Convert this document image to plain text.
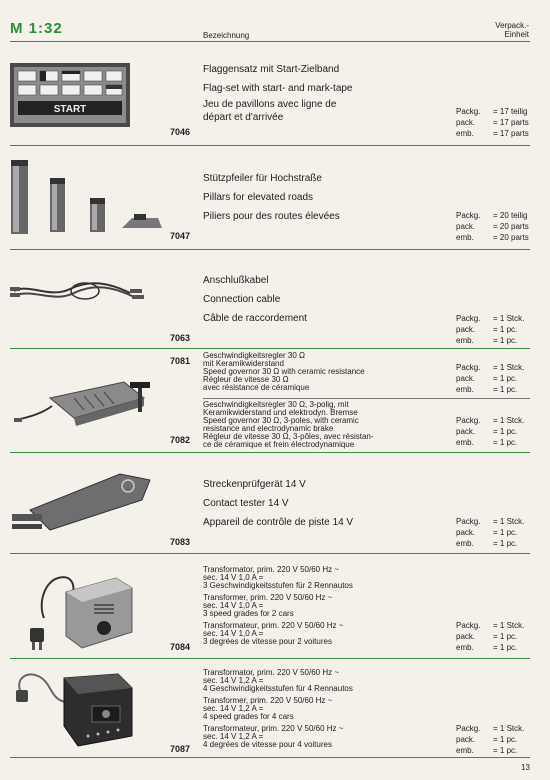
M 1:32	Bezeichnung
Verpack.-
Einheit
START
Flaggensatz mit Start-Zielband
Flag-set with start- and mark-tape
Jeu de pavillons avec ligne de
départ et d'arrivée
7046
Packg. = 17 teilig
pack. = 17 parts
emb. = 17 parts
Stützpfeiler für Hochstraße
Pillars for elevated roads
Piliers pour des routes élevées
7047
Packg. = 20 teilig
pack. = 20 parts
emb. = 20 parts
Anschlußkabel
Connection cable
Câble de raccordement
7063
Packg. = 1 Stck.
pack. = 1 pc.
emb. = 1 pc.
7081
Geschwindigkeitsregler 30 Ω
mit Keramikwiderstand
Speed governor 30 Ω with ceramic resistance
Régleur de vitesse 30 Ω
avec résistance de céramique
Packg. = 1 Stck.
pack. = 1 pc.
emb. = 1 pc.
Geschwindigkeitsregler 30 Ω, 3-polig, mit
Keramikwiderstand und elektrodyn. Bremse
Speed governor 30 Ω, 3-poles, with ceramic
resistance and electrodynamic brake
Régleur de vitesse 30 Ω, 3-pôles, avec résistan-
ce de céramique et frein électrodynamique
7082
Packg. = 1 Stck.
pack. = 1 pc.
emb. = 1 pc.
Streckenprüfgerät 14 V
Contact tester 14 V
Appareil de contrôle de piste 14 V
7083
Packg. = 1 Stck.
pack. = 1 pc.
emb. = 1 pc.
Transformator, prim. 220 V 50/60 Hz ~
sec. 14 V 1,0 A =
3 Geschwindigkeitsstufen für 2 Rennautos
Transformer, prim. 220 V 50/60 Hz ~
sec. 14 V 1,0 A =
3 speed grades for 2 cars
Transformateur, prim. 220 V 50/60 Hz ~
sec. 14 V 1,0 A =
3 degrées de vitesse pour 2 voitures
7084
Packg. = 1 Stck.
pack. = 1 pc.
emb. = 1 pc.
Transformator, prim. 220 V 50/60 Hz ~
sec. 14 V 1,2 A =
4 Geschwindigkeitsstufen für 4 Rennautos
Transformer, prim. 220 V 50/60 Hz ~
sec. 14 V 1,2 A =
4 speed grades for 4 cars
Transformateur, prim. 220 V 50/60 Hz ~
sec. 14 V 1,2 A =
4 degrées de vitesse pour 4 voitures
7087
Packg. = 1 Stck.
pack. = 1 pc.
emb. = 1 pc.
13
